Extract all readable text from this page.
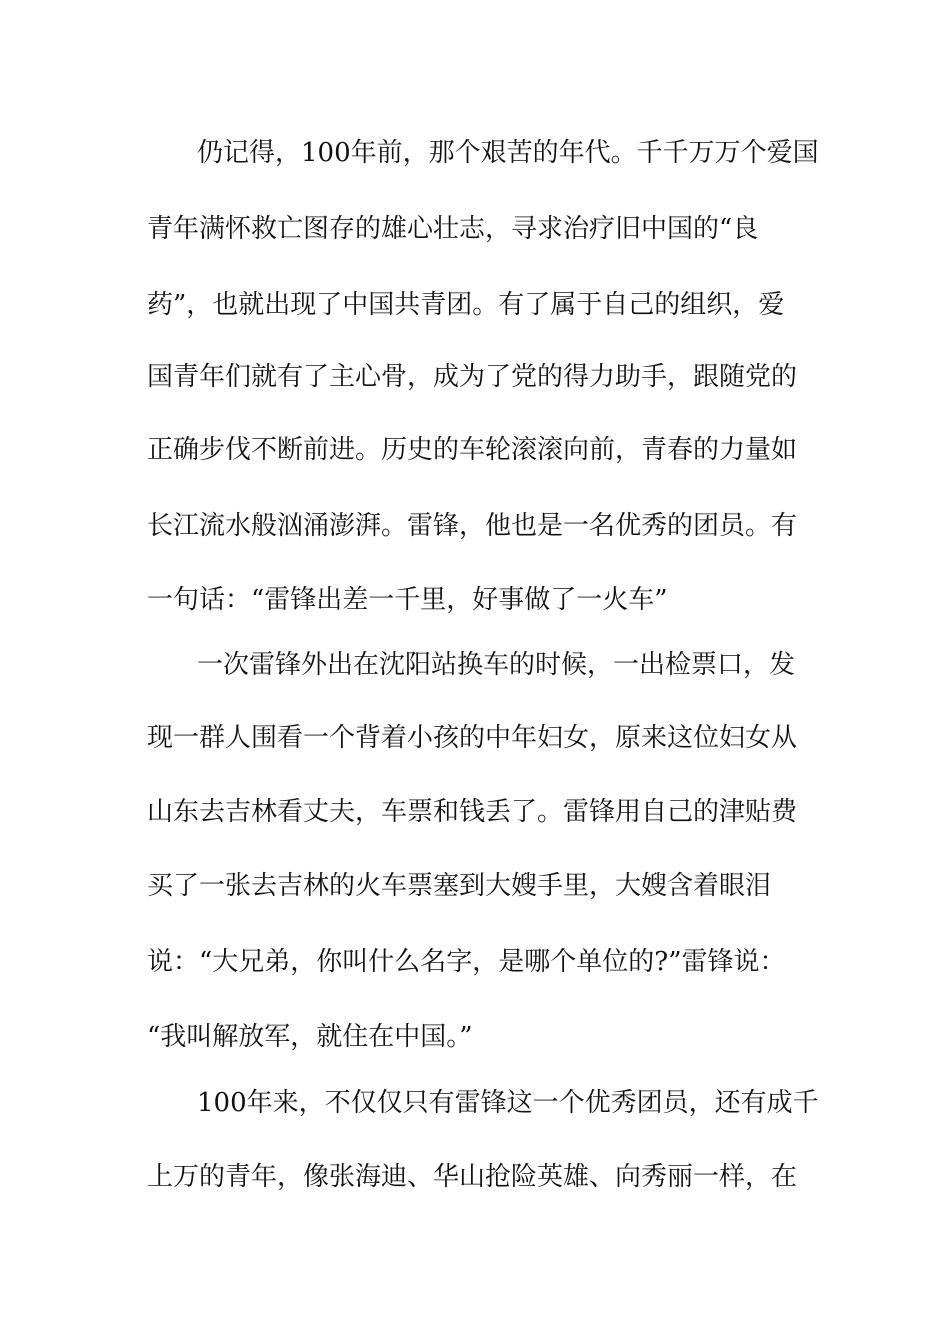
仍记得，100年前，那个艰苦的年代。千千万万个爱国
青年满怀救亡图存的雄心壮志，寻求治疗旧中国的“良
药”，也就出现了中国共青团。有了属于自己的组织，爱
国青年们就有了主心骨，成为了党的得力助手，跟随党的
正确步伐不断前进。历史的车轮滚滚向前，青春的力量如
长江流水般汹涌澎湃。雷锋，他也是一名优秀的团员。有
一句话：“雷锋出差一千里，好事做了一火车”
一次雷锋外出在沈阳站换车的时候，一出检票口，发
现一群人围看一个背着小孩的中年妇女，原来这位妇女从
山东去吉林看丈夫，车票和钱丢了。雷锋用自己的津贴费
买了一张去吉林的火车票塞到大嫂手里，大嫂含着眼泪
说：“大兄弟，你叫什么名字，是哪个单位的?”雷锋说：
“我叫解放军，就住在中国。”
100年来，不仅仅只有雷锋这一个优秀团员，还有成千
上万的青年，像张海迪、华山抢险英雄、向秀丽一样，在
